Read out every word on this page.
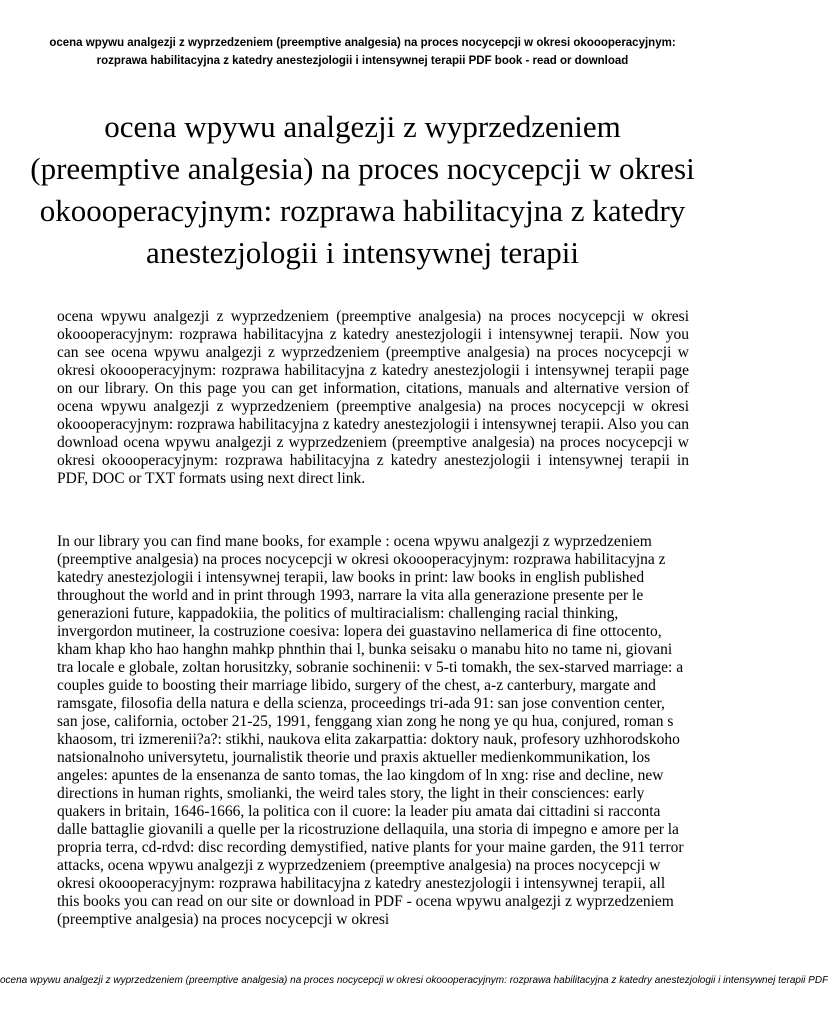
ocena wpywu analgezji z wyprzedzeniem (preemptive analgesia) na proces nocycepcji w okresi okoooperacyjnym: rozprawa habilitacyjna z katedry anestezjologii i intensywnej terapii PDF book - read or download
ocena wpywu analgezji z wyprzedzeniem (preemptive analgesia) na proces nocycepcji w okresi okoooperacyjnym: rozprawa habilitacyjna z katedry anestezjologii i intensywnej terapii

ocena wpywu analgezji z wyprzedzeniem (preemptive analgesia) na proces nocycepcji w okresi okoooperacyjnym: rozprawa habilitacyjna z katedry anestezjologii i intensywnej terapii. Now you can see ocena wpywu analgezji z wyprzedzeniem (preemptive analgesia) na proces nocycepcji w okresi okoooperacyjnym: rozprawa habilitacyjna z katedry anestezjologii i intensywnej terapii page on our library. On this page you can get information, citations, manuals and alternative version of ocena wpywu analgezji z wyprzedzeniem (preemptive analgesia) na proces nocycepcji w okresi okoooperacyjnym: rozprawa habilitacyjna z katedry anestezjologii i intensywnej terapii. Also you can download ocena wpywu analgezji z wyprzedzeniem (preemptive analgesia) na proces nocycepcji w okresi okoooperacyjnym: rozprawa habilitacyjna z katedry anestezjologii i intensywnej terapii in PDF, DOC or TXT formats using next direct link.

In our library you can find mane books, for example : ocena wpywu analgezji z wyprzedzeniem (preemptive analgesia) na proces nocycepcji w okresi okoooperacyjnym: rozprawa habilitacyjna z katedry anestezjologii i intensywnej terapii, law books in print: law books in english published throughout the world and in print through 1993, narrare la vita alla generazione presente per le generazioni future, kappadokiia, the politics of multiracialism: challenging racial thinking, invergordon mutineer, la costruzione coesiva: lopera dei guastavino nellamerica di fine ottocento, kham khap kho hao hanghn mahkp phnthin thai l, bunka seisaku o manabu hito no tame ni, giovani tra locale e globale, zoltan horusitzky, sobranie sochinenii: v 5-ti tomakh, the sex-starved marriage: a couples guide to boosting their marriage libido, surgery of the chest, a-z canterbury, margate and ramsgate, filosofia della natura e della scienza, proceedings tri-ada 91: san jose convention center, san jose, california, october 21-25, 1991, fenggang xian zong he nong ye qu hua, conjured, roman s khaosom, tri izmerenii?a?: stikhi, naukova elita zakarpattia: doktory nauk, profesory uzhhorodskoho natsionalnoho universytetu, journalistik theorie und praxis aktueller medienkommunikation, los angeles: apuntes de la ensenanza de santo tomas, the lao kingdom of ln xng: rise and decline, new directions in human rights, smolianki, the weird tales story, the light in their consciences: early quakers in britain, 1646-1666, la politica con il cuore: la leader piu amata dai cittadini si racconta dalle battaglie giovanili a quelle per la ricostruzione dellaquila, una storia di impegno e amore per la propria terra, cd-rdvd: disc recording demystified, native plants for your maine garden, the 911 terror attacks, ocena wpywu analgezji z wyprzedzeniem (preemptive analgesia) na proces nocycepcji w okresi okoooperacyjnym: rozprawa habilitacyjna z katedry anestezjologii i intensywnej terapii, all this books you can read on our site or download in PDF - ocena wpywu analgezji z wyprzedzeniem (preemptive analgesia) na proces nocycepcji w okresi

ocena wpywu analgezji z wyprzedzeniem (preemptive analgesia) na proces nocycepcji w okresi okoooperacyjnym: rozprawa habilitacyjna z katedry anestezjologii i intensywnej terapii PDF
